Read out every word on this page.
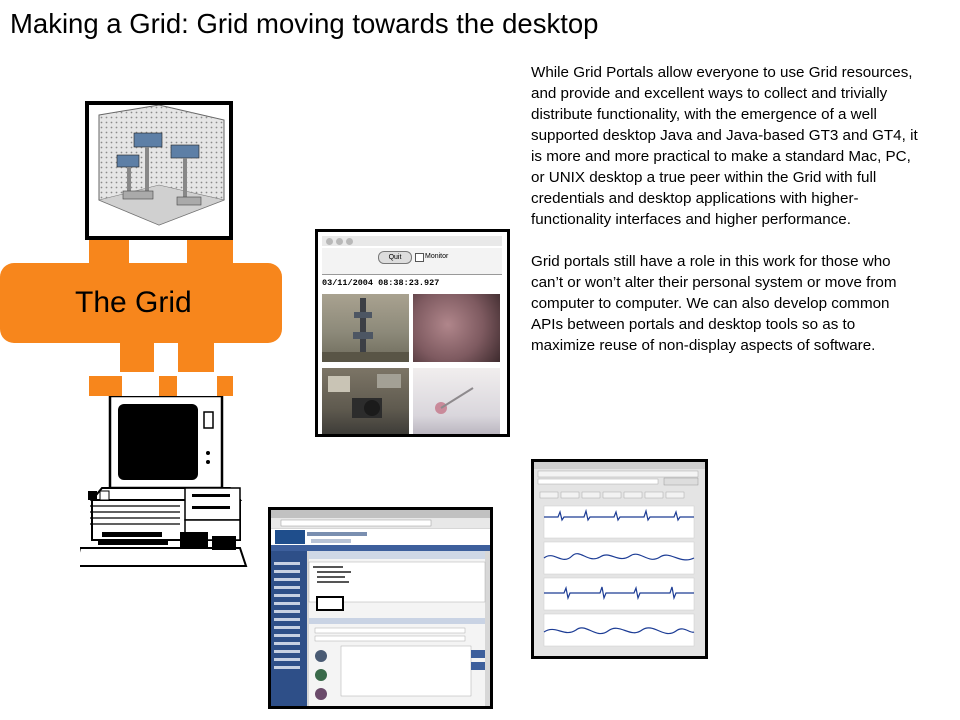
Making a Grid: Grid moving towards the desktop

While Grid Portals allow everyone to use Grid resources, and provide and excellent ways to collect and trivially distribute functionality, with the emergence of a well supported desktop Java and Java-based GT3 and GT4, it is more and more practical to make a standard Mac, PC, or UNIX desktop a true peer within the Grid with full credentials and desktop applications with higher-functionality interfaces and higher performance.

Grid portals still have a role in this work for those who can’t or won’t alter their personal system or move from computer to computer. We can also develop common APIs between portals and desktop tools so as to maximize reuse of non-display aspects of software.

The Grid
Quit	Monitor
03/11/2004 08:38:23.927
